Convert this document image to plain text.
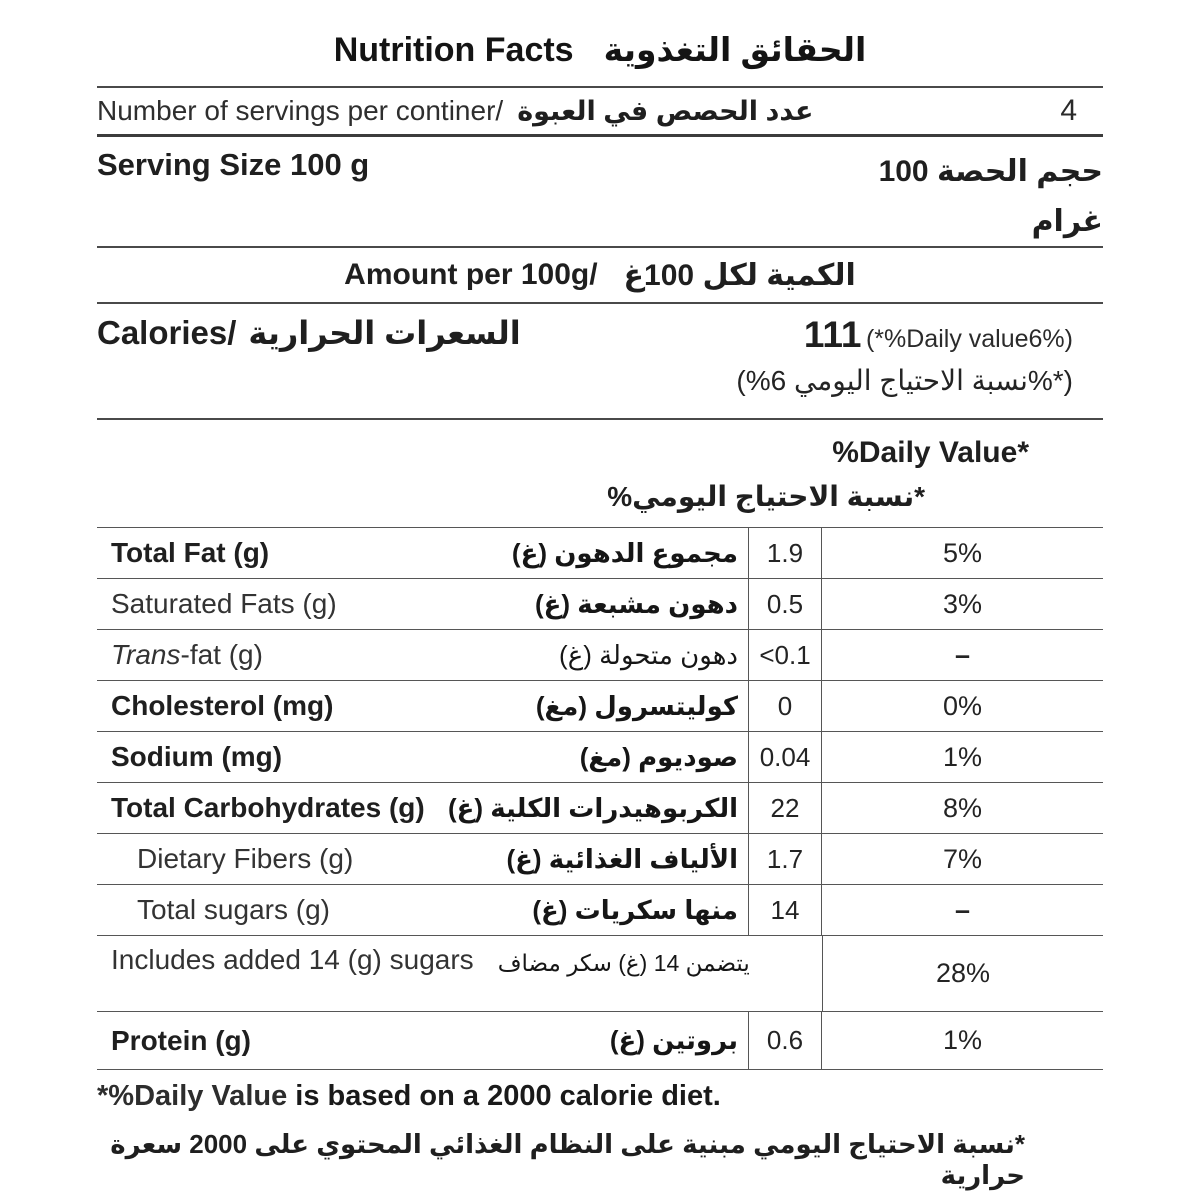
Nutrition Facts الحقائق التغذوية
Number of servings per continer/ عدد الحصص في العبوة	4
Serving Size 100 g	حجم الحصة 100
غرام
Amount per 100g/ الكمية لكل 100غ
Calories/ السعرات الحرارية	111 (*%Daily value6%)
(*%نسبة الاحتياج اليومي 6%)
%Daily Value*
*نسبة الاحتياج اليومي%
Total Fat (g)	مجموع الدهون (غ)	1.9	5%
Saturated Fats (g)	دهون مشبعة (غ)	0.5	3%
Trans-fat (g)	دهون متحولة (غ) <0.1	–
Cholesterol (mg)	كوليتسرول (مغ)	0	0%
Sodium (mg)	صوديوم (مغ) 0.04	1%
Total Carbohydrates (g) الكربوهيدرات الكلية (غ)	22	8%
Dietary Fibers (g)	الألياف الغذائية (غ)	1.7	7%
Total sugars (g)	منها سكريات (غ)	14	–
Includes added 14 (g) sugars يتضمن 14 (غ) سكر مضاف	28%
Protein (g)	بروتين (غ)	0.6	1%
*%Daily Value is based on a 2000 calorie diet.
*نسبة الاحتياج اليومي مبنية على النظام الغذائي المحتوي على 2000 سعرة حرارية
